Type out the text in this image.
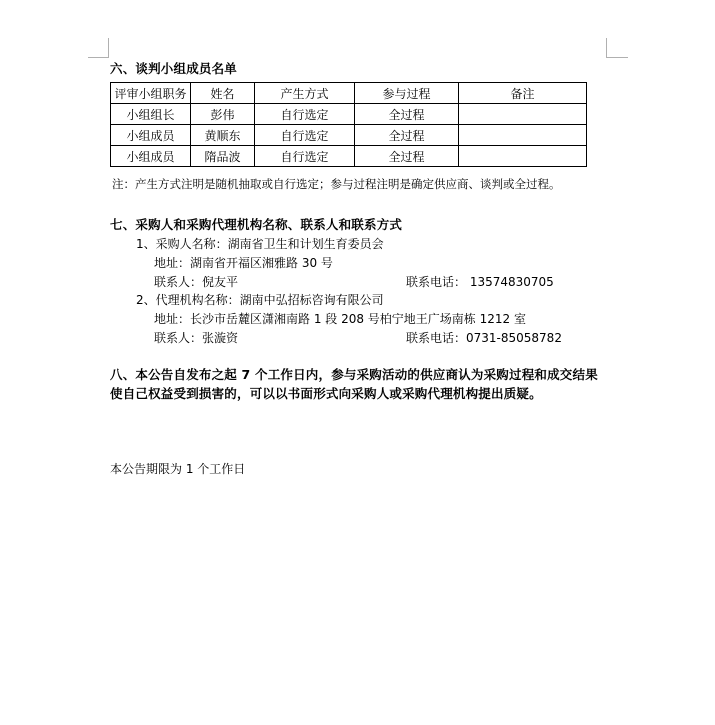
六、谈判小组成员名单
评审小组职务	姓名	产生方式	参与过程	备注
小组组长	彭伟	自行选定	全过程	
小组成员	黄顺东	自行选定	全过程	
小组成员	隋品波	自行选定	全过程	
注：产生方式注明是随机抽取或自行选定；参与过程注明是确定供应商、谈判或全过程。
七、采购人和采购代理机构名称、联系人和联系方式
1、采购人名称：湖南省卫生和计划生育委员会
地址：湖南省开福区湘雅路 30 号
联系人：倪友平	联系电话： 13574830705
2、代理机构名称：湖南中弘招标咨询有限公司
地址：长沙市岳麓区潇湘南路 1 段 208 号柏宁地王广场南栋 1212 室
联系人：张漩资	联系电话：0731-85058782
八、本公告自发布之起 7 个工作日内，参与采购活动的供应商认为采购过程和成交结果使自己权益受到损害的，可以以书面形式向采购人或采购代理机构提出质疑。
本公告期限为 1 个工作日
